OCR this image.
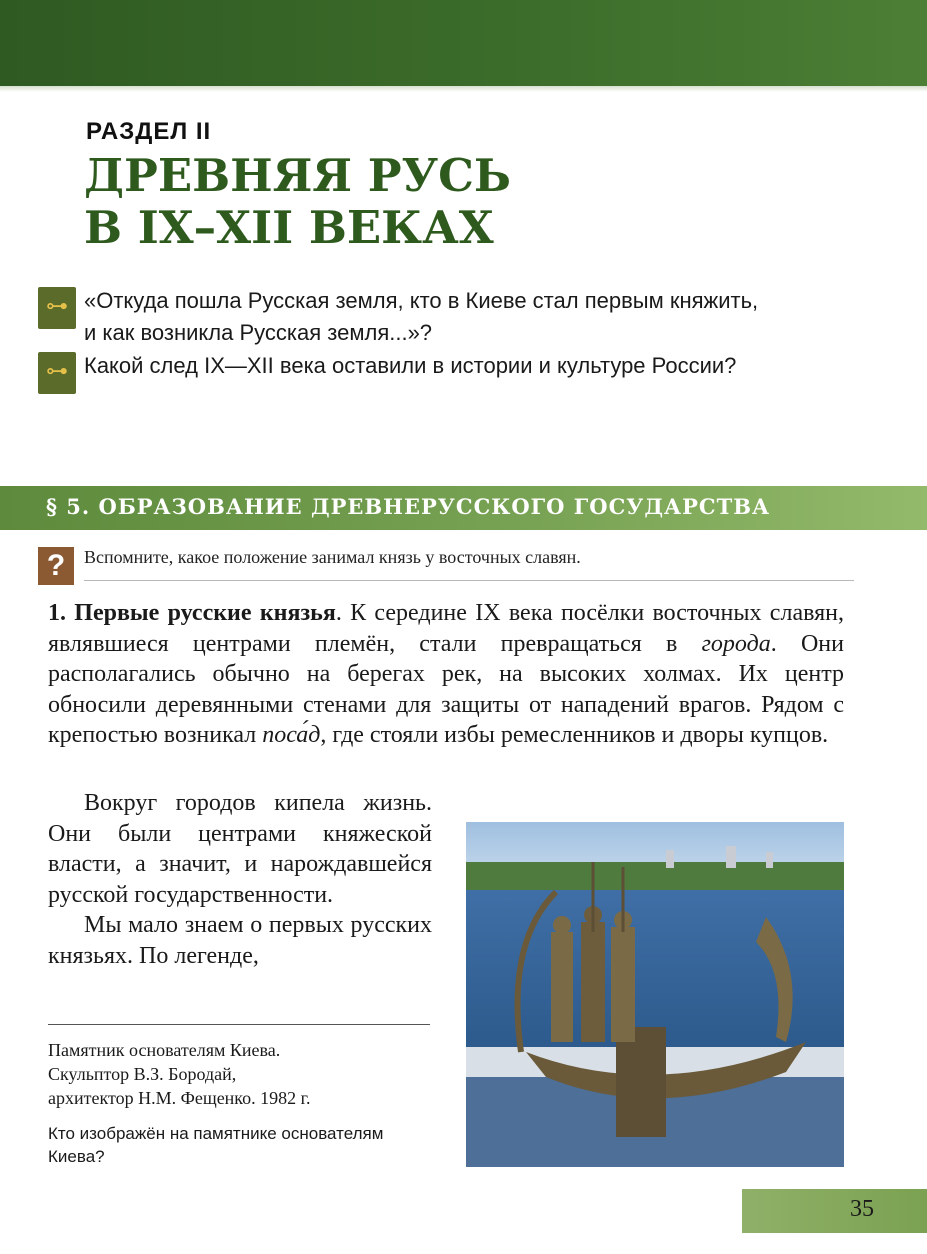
РАЗДЕЛ II
ДРЕВНЯЯ РУСЬ
В IX–XII ВЕКАХ
⊶ «Откуда пошла Русская земля, кто в Киеве стал первым княжить,
и как возникла Русская земля...»?
⊶ Какой след IX—XII века оставили в истории и культуре России?
§ 5. ОБРАЗОВАНИЕ ДРЕВНЕРУССКОГО ГОСУДАРСТВА
?	Вспомните, какое положение занимал князь у восточных славян.
1. Первые русские князья. К середине IX века посёлки восточных славян, являвшиеся центрами племён, стали превращаться в города. Они располагались обычно на берегах рек, на высоких холмах. Их центр обносили деревянными стенами для защиты от нападений врагов. Рядом с крепостью возникал поса́д, где стояли избы ремесленников и дворы купцов.
Вокруг городов кипела жизнь. Они были центрами княжеской власти, а значит, и нарождавшейся русской государственности.
Мы мало знаем о первых русских князьях. По легенде,
Памятник основателям Киева.
Скульптор В.З. Бородай,
архитектор Н.М. Фещенко. 1982 г.
Кто изображён на памятнике основателям Киева?
35
